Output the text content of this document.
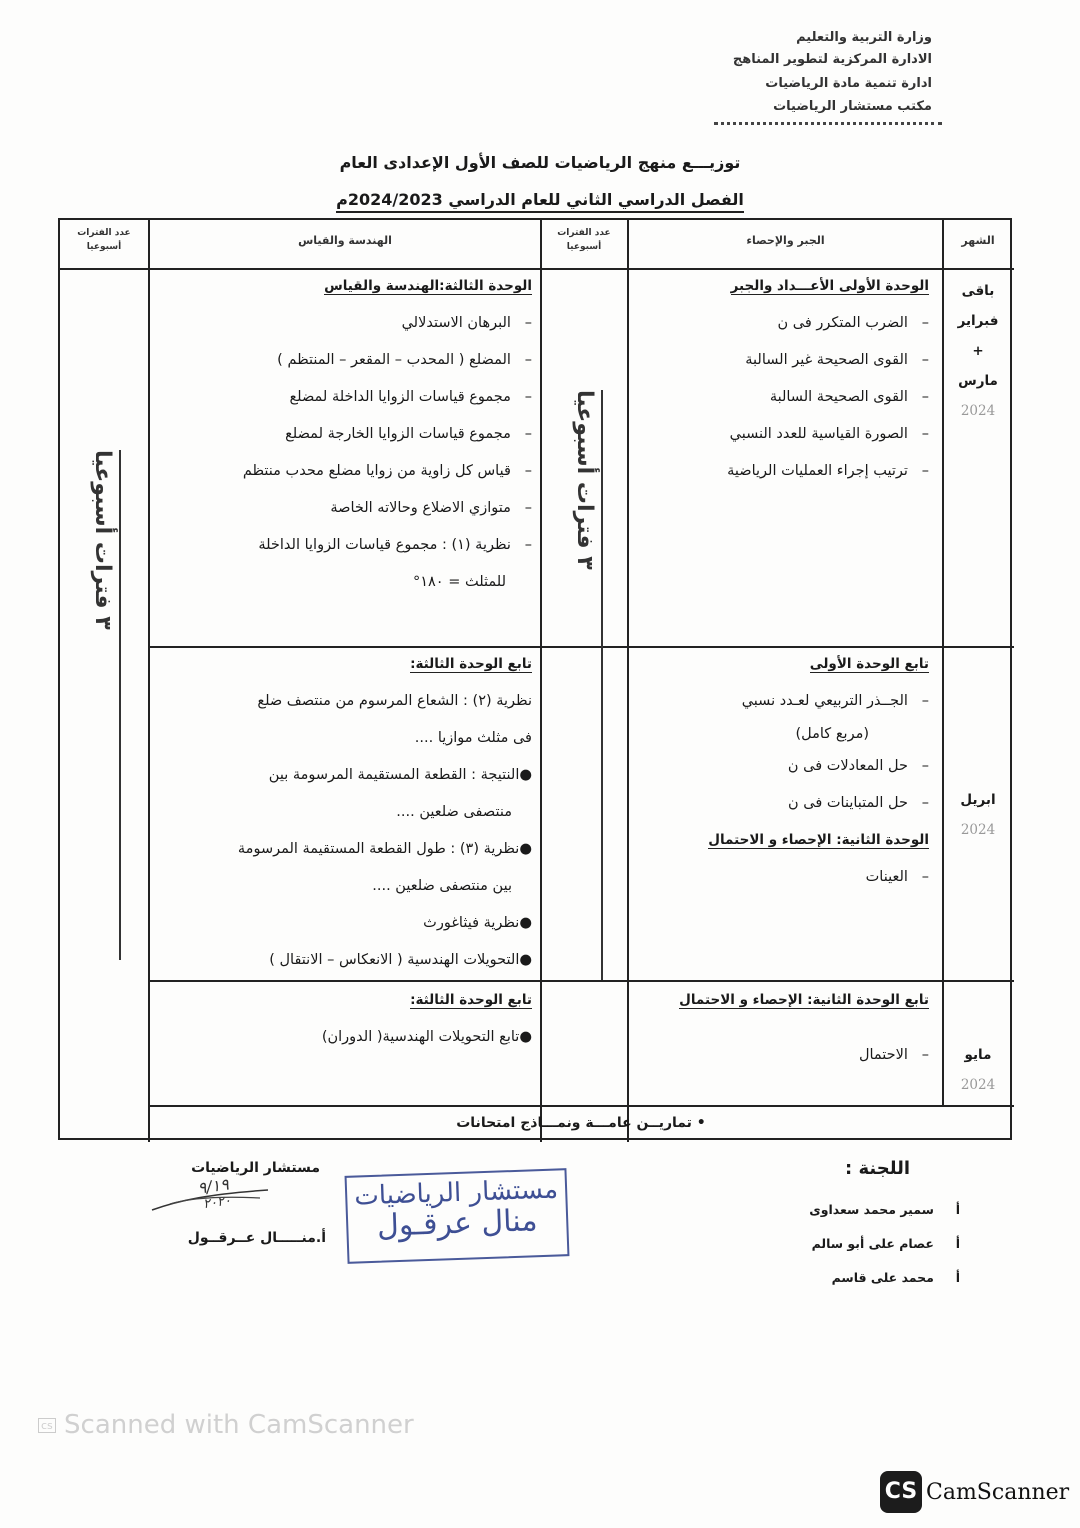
وزارة التربية والتعليم
الادارة المركزية لتطوير المناهج
ادارة تنمية مادة الرياضيات
مكتب مستشار الرياضيات
توزيـــع منهج الرياضيات للصف الأول الإعدادى العام
الفصل الدراسي الثاني للعام الدراسي 2024/2023م
الشهر
الجبر والإحصاء
عدد الفترات أسبوعيا
الهندسة والقياس
عدد الفترات أسبوعيا
٣ فترات أسبوعيا
٣ فترات أسبوعيا
باقى
فبراير
+
مارس
2024
الوحدة الأولى الأعـــداد والجبر
–   الضرب المتكرر فى ن
–   القوى الصحيحة غير السالبة
–   القوى الصحيحة السالبة
–   الصورة القياسية للعدد النسبي
–   ترتيب إجراء العمليات الرياضية
الوحدة الثالثة:الهندسة والقياس
–   البرهان الاستدلالي
–   المضلع ( المحدب – المقعر – المنتظم )
–   مجموع قياسات الزوايا الداخلة لمضلع
–   مجموع قياسات الزوايا الخارجة لمضلع
–   قياس كل زاوية من زوايا مضلع محدب منتظم
–   متوازي الاضلاع وحالاته الخاصة
–   نظرية (١) : مجموع قياسات الزوايا الداخلة
للمثلث = ١٨٠°
ابريل
2024
تابع الوحدة الأولى
–   الجــذر التربيعي لعـدد نسبي
(مربع كامل)
–   حل المعادلات فى ن
–   حل المتباينات فى ن
الوحدة الثانية: الإحصاء و الاحتمال
–   العينات
تابع الوحدة الثالثة:
نظرية (٢) : الشعاع المرسوم من منتصف ضلع
فى مثلث موازيا ....
●النتيجة : القطعة المستقيمة المرسومة بين
منتصفى ضلعين ....
●نظرية (٣) : طول القطعة المستقيمة المرسومة
بين منتصفى ضلعين ....
●نظرية فيثاغورث
●التحويلات الهندسية ( الانعكاس – الانتقال )
مايو
2024
تابع الوحدة الثانية: الإحصاء و الاحتمال
–   الاحتمال
تابع الوحدة الثالثة:
●تابع التحويلات الهندسية( الدوران)
• تماريــن عامـــة ونمـــاذج امتحانات
اللجنة :
أ     سمير محمد سعداوى
أ     عصام على أبو سالم
أ     محمد على قاسم
مستشار الرياضيات
٩/١٩
٢٠٢٠
أ.منـــــال عــرقــول
مستشار الرياضيات
منال عرقـول
cs Scanned with CamScanner
CS CamScanner
